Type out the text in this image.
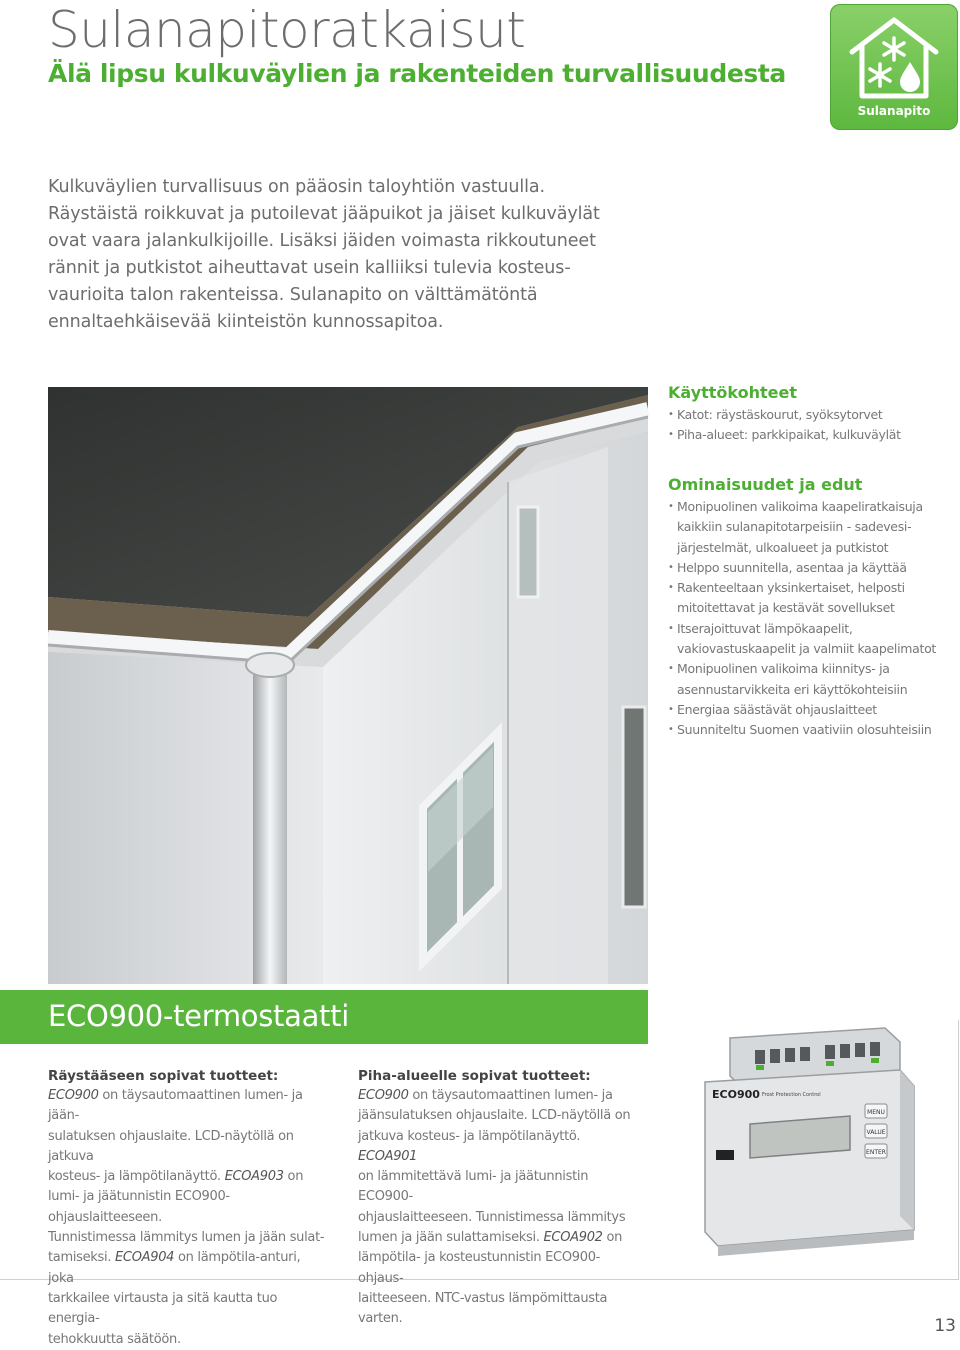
Sulanapitoratkaisut
Älä lipsu kulkuväylien ja rakenteiden turvallisuudesta
Sulanapito
Kulkuväylien turvallisuus on pääosin taloyhtiön vastuulla.
Räystäistä roikkuvat ja putoilevat jääpuikot ja jäiset kulkuväylät
ovat vaara jalankulkijoille. Lisäksi jäiden voimasta rikkoutuneet
rännit ja putkistot aiheuttavat usein kalliiksi tulevia kosteus-
vaurioita talon rakenteissa. Sulanapito on välttämätöntä
ennaltaehkäisevää kiinteistön kunnossapitoa.
Käyttökohteet
• Katot: räystäskourut, syöksytorvet
• Piha-alueet: parkkipaikat, kulkuväylät
Ominaisuudet ja edut
• Monipuolinen valikoima kaapeliratkaisuja
kaikkiin sulanapitotarpeisiin - sadevesi-
järjestelmät, ulkoalueet ja putkistot
• Helppo suunnitella, asentaa ja käyttää
• Rakenteeltaan yksinkertaiset, helposti
mitoitettavat ja kestävät sovellukset
• Itserajoittuvat lämpökaapelit,
vakiovastuskaapelit ja valmiit kaapelimatot
• Monipuolinen valikoima kiinnitys- ja
asennustarvikkeita eri käyttökohteisiin
• Energiaa säästävät ohjauslaitteet
• Suunniteltu Suomen vaativiin olosuhteisiin
ECO900-termostaatti
Räystääseen sopivat tuotteet:
ECO900 on täysautomaattinen lumen- ja jään-
sulatuksen ohjauslaite. LCD-näytöllä on jatkuva
kosteus- ja lämpötilanäyttö. ECOA903 on
lumi- ja jäätunnistin ECO900-ohjauslaitteeseen.
Tunnistimessa lämmitys lumen ja jään sulat-
tamiseksi. ECOA904 on lämpötila-anturi, joka
tarkkailee virtausta ja sitä kautta tuo energia-
tehokkuutta säätöön.
Piha-alueelle sopivat tuotteet:
ECO900 on täysautomaattinen lumen- ja
jäänsulatuksen ohjauslaite. LCD-näytöllä on
jatkuva kosteus- ja lämpötilanäyttö. ECOA901
on lämmitettävä lumi- ja jäätunnistin ECO900-
ohjauslaitteeseen. Tunnistimessa lämmitys
lumen ja jään sulattamiseksi. ECOA902 on
lämpötila- ja kosteustunnistin ECO900-ohjaus-
laitteeseen. NTC-vastus lämpömittausta varten.
MENU
VALUE
ENTER
ECO900 Frost Protection Control
13
